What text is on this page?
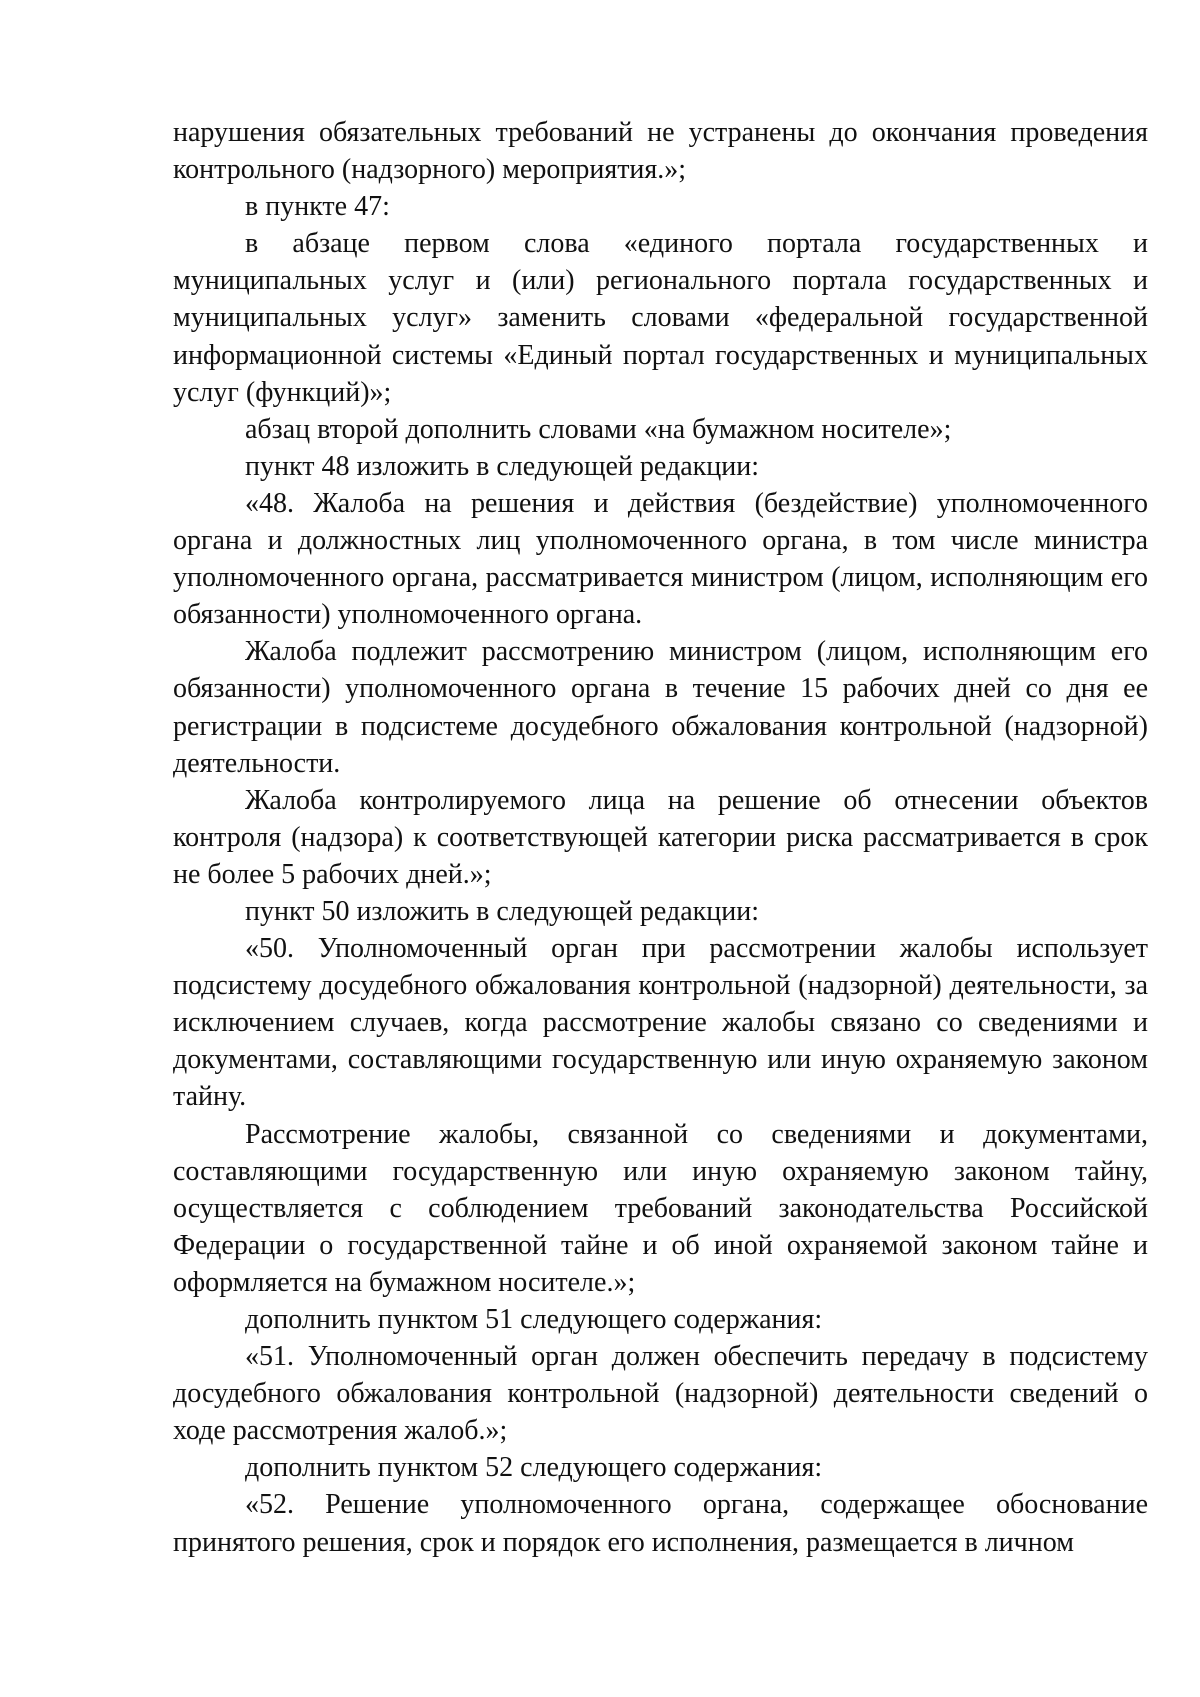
нарушения обязательных требований не устранены до окончания проведения контрольного (надзорного) мероприятия.»;

в пункте 47:

в абзаце первом слова «единого портала государственных и муниципальных услуг и (или) регионального портала государственных и муниципальных услуг» заменить словами «федеральной государственной информационной системы «Единый портал государственных и муниципальных услуг (функций)»;

абзац второй дополнить словами «на бумажном носителе»;

пункт 48 изложить в следующей редакции:

«48. Жалоба на решения и действия (бездействие) уполномоченного органа и должностных лиц уполномоченного органа, в том числе министра уполномоченного органа, рассматривается министром (лицом, исполняющим его обязанности) уполномоченного органа.

Жалоба подлежит рассмотрению министром (лицом, исполняющим его обязанности) уполномоченного органа в течение 15 рабочих дней со дня ее регистрации в подсистеме досудебного обжалования контрольной (надзорной) деятельности.

Жалоба контролируемого лица на решение об отнесении объектов контроля (надзора) к соответствующей категории риска рассматривается в срок не более 5 рабочих дней.»;

пункт 50 изложить в следующей редакции:

«50. Уполномоченный орган при рассмотрении жалобы использует подсистему досудебного обжалования контрольной (надзорной) деятельности, за исключением случаев, когда рассмотрение жалобы связано со сведениями и документами, составляющими государственную или иную охраняемую законом тайну.

Рассмотрение жалобы, связанной со сведениями и документами, составляющими государственную или иную охраняемую законом тайну, осуществляется с соблюдением требований законодательства Российской Федерации о государственной тайне и об иной охраняемой законом тайне и оформляется на бумажном носителе.»;

дополнить пунктом 51 следующего содержания:

«51. Уполномоченный орган должен обеспечить передачу в подсистему досудебного обжалования контрольной (надзорной) деятельности сведений о ходе рассмотрения жалоб.»;

дополнить пунктом 52 следующего содержания:

«52. Решение уполномоченного органа, содержащее обоснование принятого решения, срок и порядок его исполнения, размещается в личном
